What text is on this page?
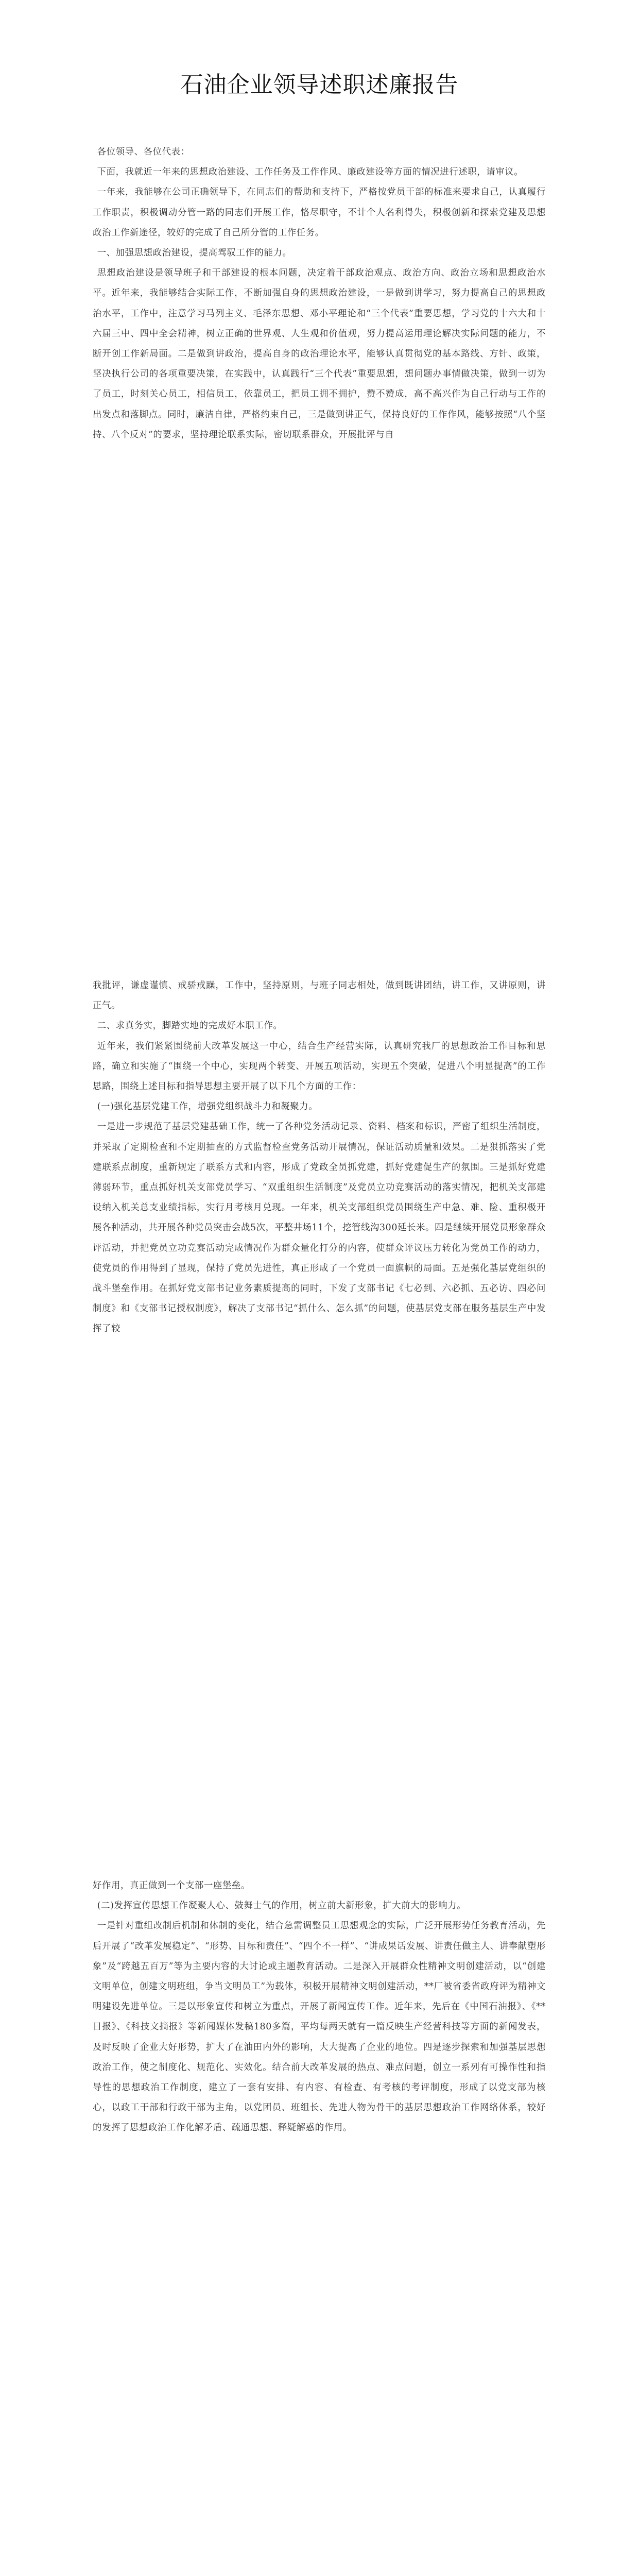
石油企业领导述职述廉报告

各位领导、各位代表：

下面，我就近一年来的思想政治建设、工作任务及工作作风、廉政建设等方面的情况进行述职，请审议。

一年来，我能够在公司正确领导下，在同志们的帮助和支持下，严格按党员干部的标准来要求自己，认真履行工作职责，积极调动分管一路的同志们开展工作，恪尽职守，不计个人名利得失，积极创新和探索党建及思想政治工作新途径，较好的完成了自己所分管的工作任务。

一、加强思想政治建设，提高驾驭工作的能力。

思想政治建设是领导班子和干部建设的根本问题，决定着干部政治观点、政治方向、政治立场和思想政治水平。近年来，我能够结合实际工作，不断加强自身的思想政治建设，一是做到讲学习，努力提高自己的思想政治水平，工作中，注意学习马列主义、毛泽东思想、邓小平理论和“三个代表”重要思想，学习党的十六大和十六届三中、四中全会精神，树立正确的世界观、人生观和价值观，努力提高运用理论解决实际问题的能力，不断开创工作新局面。二是做到讲政治，提高自身的政治理论水平，能够认真贯彻党的基本路线、方针、政策，坚决执行公司的各项重要决策，在实践中，认真践行“三个代表”重要思想，想问题办事情做决策，做到一切为了员工，时刻关心员工，相信员工，依靠员工，把员工拥不拥护，赞不赞成，高不高兴作为自己行动与工作的出发点和落脚点。同时，廉洁自律，严格约束自己，三是做到讲正气，保持良好的工作作风，能够按照“八个坚持、八个反对”的要求，坚持理论联系实际，密切联系群众，开展批评与自

我批评，谦虚谨慎、戒骄戒躁，工作中，坚持原则，与班子同志相处，做到既讲团结，讲工作，又讲原则，讲正气。

二、求真务实，脚踏实地的完成好本职工作。

近年来，我们紧紧围绕前大改革发展这一中心，结合生产经营实际，认真研究我厂的思想政治工作目标和思路，确立和实施了“围绕一个中心，实现两个转变、开展五项活动，实现五个突破，促进八个明显提高”的工作思路，围绕上述目标和指导思想主要开展了以下几个方面的工作：

(一)强化基层党建工作，增强党组织战斗力和凝聚力。

一是进一步规范了基层党建基础工作，统一了各种党务活动记录、资料、档案和标识，严密了组织生活制度，并采取了定期检查和不定期抽查的方式监督检查党务活动开展情况，保证活动质量和效果。二是狠抓落实了党建联系点制度，重新规定了联系方式和内容，形成了党政全员抓党建，抓好党建促生产的氛围。三是抓好党建薄弱环节，重点抓好机关支部党员学习、“双重组织生活制度”及党员立功竞赛活动的落实情况，把机关支部建设纳入机关总支业绩指标，实行月考核月兑现。一年来，机关支部组织党员围绕生产中急、难、险、重积极开展各种活动，共开展各种党员突击会战5次，平整井场11个，挖管线沟300延长米。四是继续开展党员形象群众评活动，并把党员立功竞赛活动完成情况作为群众量化打分的内容，使群众评议压力转化为党员工作的动力，使党员的作用得到了显现，保持了党员先进性，真正形成了一个党员一面旗帜的局面。五是强化基层党组织的战斗堡垒作用。在抓好党支部书记业务素质提高的同时，下发了支部书记《七必到、六必抓、五必访、四必问制度》和《支部书记授权制度》，解决了支部书记“抓什么、怎么抓”的问题，使基层党支部在服务基层生产中发挥了较

好作用，真正做到一个支部一座堡垒。

(二)发挥宣传思想工作凝聚人心、鼓舞士气的作用，树立前大新形象，扩大前大的影响力。

一是针对重组改制后机制和体制的变化，结合急需调整员工思想观念的实际，广泛开展形势任务教育活动，先后开展了“改革发展稳定”、“形势、目标和责任”、“四个不一样”、“讲成果话发展、讲责任做主人、讲奉献塑形象”及“跨越五百万”等为主要内容的大讨论或主题教育活动。二是深入开展群众性精神文明创建活动，以“创建文明单位，创建文明班组，争当文明员工”为载体，积极开展精神文明创建活动，**厂被省委省政府评为精神文明建设先进单位。三是以形象宣传和树立为重点，开展了新闻宣传工作。近年来，先后在《中国石油报》、《**日报》、《科技文摘报》等新闻媒体发稿180多篇，平均每两天就有一篇反映生产经营科技等方面的新闻发表，及时反映了企业大好形势，扩大了在油田内外的影响，大大提高了企业的地位。四是逐步探索和加强基层思想政治工作，使之制度化、规范化、实效化。结合前大改革发展的热点、难点问题，创立一系列有可操作性和指导性的思想政治工作制度，建立了一套有安排、有内容、有检查、有考核的考评制度，形成了以党支部为核心，以政工干部和行政干部为主角，以党团员、班组长、先进人物为骨干的基层思想政治工作网络体系，较好的发挥了思想政治工作化解矛盾、疏通思想、释疑解惑的作用。
